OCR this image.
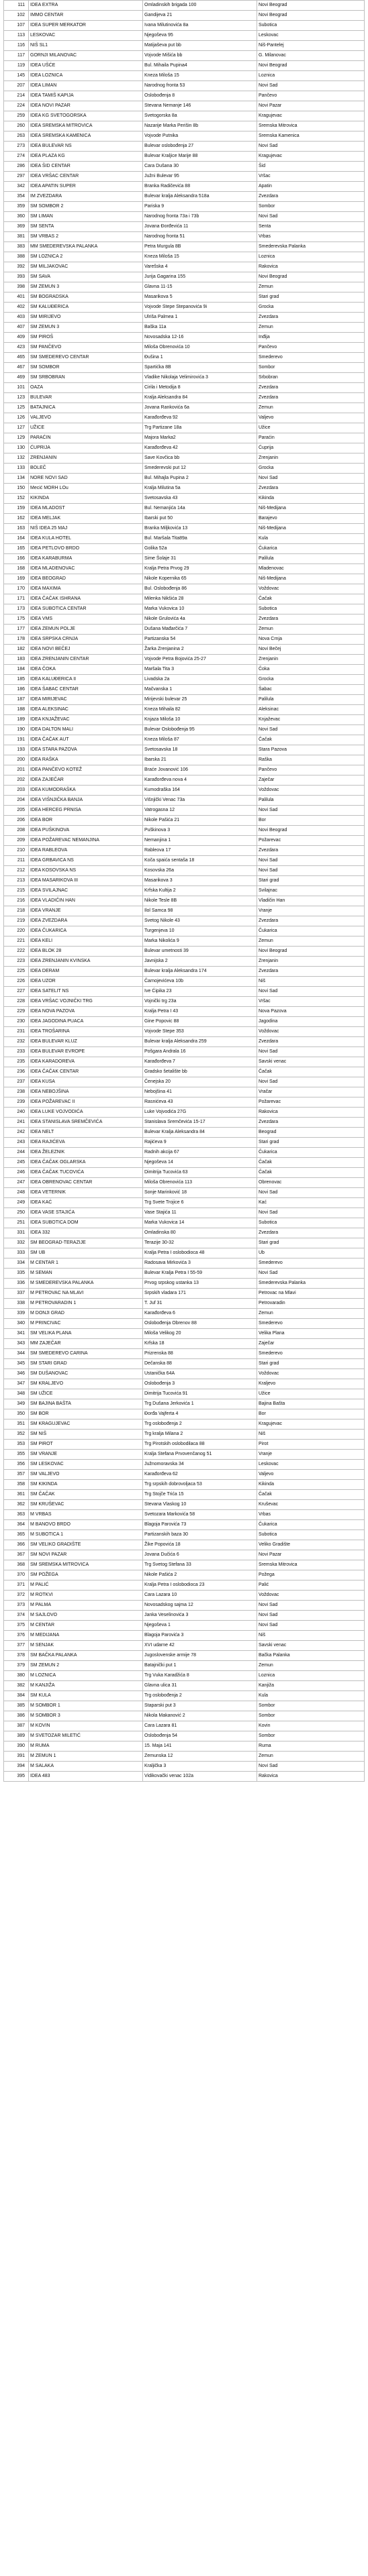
111	IDEA EXTRA	Omladinskih brigada 100	Novi Beograd
102	IMMO CENTAR	Gandijeva 21	Novi Beograd
107	IDEA SUPER MERKATOR	Ivana Milutinovića 8a	Subotica
113	LESKOVAC	Njegoševa 95	Leskovac
116	NIŠ SL1	Matijaševa put bb	Niš-Pantelej
117	GORNJI MILANOVAC	Vojvode Mišića bb	G. Milanovac
119	IDEA UŠĆE	Bul. Mihaila Pupina4	Novi Beograd
145	IDEA LOZNICA	Kneza Miloša 15	Loznica
207	IDEA LIMAN	Narodnog fronta 53	Novi Sad
214	IDEA TAMIŠ KAPIJA	Oslobođenja 8	Pančevo
224	IDEA NOVI PAZAR	Stevana Nemanje 146	Novi Pazar
259	IDEA KG SVETOGORSKA	Svetogorska 8a	Kragujevac
260	IDEA SREMSKA MITROVICA	Nazarije Marka Perišin 8b	Sremska Mitrovica
263	IDEA SREMSKA KAMENICA	Vojvode Putnika	Sremska Kamenica
273	IDEA BULEVAR NS	Bulevar oslobođenja 27	Novi Sad
274	IDEA PLAZA KG	Bulevar Kraljice Marije 88	Kragujevac
286	IDEA ŠID CENTAR	Cara Dušana 30	Šid
297	IDEA VRŠAC CENTAR	Južni Bulevar 95	Vršac
342	IDEA APATIN SUPER	Branka Radičevića 88	Apatin
354	IM ZVEZDARA	Bulevar kralja Aleksandra 518a	Zvezdara
359	SM SOMBOR 2	Pariska 9	Sombor
360	SM LIMAN	Narodnog fronta 73a i 73b	Novi Sad
369	SM SENTA	Jovana Đorđevića 11	Senta
381	SM VRBAS 2	Narodnog fronta 51	Vrbas
383	MM SMEDEREVSKA PALANKA	Petra Murgula 8B	Smederevska Palanka
388	SM LOZNICA 2	Kneza Miloša 15	Loznica
392	SM MILJAKOVAC	Varešska 4	Rakovica
393	SM SAVA	Jurija Gagarina 155	Novi Beograd
398	SM ZEMUN 3	Glavna 11-15	Zemun
401	SM BOGRADSKA	Masarikova 5	Stari grad
402	SM KALUĐERICA	Vojvode Stepe Stepanovića 9i	Grocka
403	SM MIRIJEVO	Ulriša Palmea 1	Zvezdara
407	SM ZEMUN 3	Baška 11a	Zemun
409	SM PIROŠ	Novosadska 12-16	Inđija
423	SM PANČEVO	Miloša Obrenovića 10	Pančevo
465	SM SMEDEREVO CENTAR	Đušina 1	Smederevo
467	SM SOMBOR	Spartićka 8B	Sombor
469	SM SRBOBRAN	Vladike Nikolaja Velimirovića 3	Srbobran
101	OAZA	Cirila i Metodija 8	Zvezdara
123	BULEVAR	Kralja Aleksandra 84	Zvezdara
125	BATAJNICA	Jovana Rankovića 6a	Zemun
126	VALJEVO	Karađorđeva 92	Valjevo
127	UŽICE	Trg Partizane 18a	Užice
129	PARAĆIN	Majora Marka2	Paraćin
130	ĆUPRIJA	Karađorđeva 42	Ćuprija
132	ZRENJANIN	Save Kovčica bb	Zrenjanin
133	BOLEČ	Smederevski put 12	Grocka
134	NORE NOVI SAD	Bul. Mihajla Pupina 2	Novi Sad
150	Mecić MORH LOu	Kralja Milutina 5a	Zvezdara
152	KIKINDA	Svetosavska 43	Kikinda
159	IDEA MLADOST	Bul. Nemanjića 14a	Niš-Medijana
162	IDEA MELJAK	Ibarski put 50	Barajevo
163	NIŠ IDEA 25 MAJ	Branka Miljkovića 13	Niš-Medijana
164	IDEA KULA HOTEL	Bul. Maršala Tita89a	Kula
165	IDEA PETLOVO BRDO	Golika 52a	Čukarica
166	IDEA KARABURMA	Sime Šolaje 31	Palilula
168	IDEA MLADENOVAC	Kralja Petra Prvog 29	Mladenovac
169	IDEA BEOGRAD	Nikole Kopernika 65	Niš-Medijana
170	IDEA MAXIMA	Bul. Oslobođenja 86	Voždovac
171	IDEA ČAČAK ISHRANA	Milenka Nikšića 28	Čačak
173	IDEA SUBOTICA CENTAR	Marka Vukovica 10	Subotica
175	IDEA VMS	Nikole Grulovića 4a	Zvezdara
177	IDEA ZEMUN POLJE	Dušana Mađarčića 7	Zemun
178	IDEA SRPSKA CRNJA	Partizanska 54	Nova Crnja
182	IDEA NOVI BEČEJ	Žarka Zrenjanina 2	Novi Bečej
183	IDEA ZRENJANIN CENTAR	Vojvode Petra Bojovića 25-27	Zrenjanin
184	IDEA ČOKA	Maršala Tita 3	Čoka
185	IDEA KALUĐERICA II	Livadska 2a	Grocka
186	IDEA ŠABAC CENTAR	Mačvanska 1	Šabac
187	IDEA MIRIJEVAC	Mirijevski bulevar 25	Palilula
188	IDEA ALEKSINAC	Kneza Mihaila 82	Aleksinac
189	IDEA KNJAŽEVAC	Knjaza Miloša 10	Knjaževac
190	IDEA DALTON MALI	Bulevar Oslobođenja 95	Novi Sad
191	IDEA ČAČAK AUT	Kneza Miloša 87	Čačak
193	IDEA STARA PAZOVA	Svetosavska 18	Stara Pazova
200	IDEA RAŠKA	Ibarska 21	Raška
201	IDEA PANČEVO KOTEŽ	Braće Jovanović 106	Pančevo
202	IDEA ZAJEČAR	Karađorđeva nova 4	Zaječar
203	IDEA KUMODRAŠKA	Kumodraška 164	Voždovac
204	IDEA VIŠNJIČKA BANJA	Višnjički Venac 73a	Palilula
205	IDEA HERCEG PRNISA	Vatrogasna 12	Novi Sad
206	IDEA BOR	Nikole Pašića 21	Bor
208	IDEA PUŠKINOVA	Puškinova 3	Novi Beograd
209	IDEA POŽAREVAC NEMANJINA	Nemanjina 1	Požarevac
210	IDEA RABLEOVA	Rableova 17	Zvezdara
211	IDEA GRBAVICA NS	Koča spaića sentaša 18	Novi Sad
212	IDEA KOSOVSKA NS	Kosovska 26a	Novi Sad
213	IDEA MASARIKOVA III	Masarikova 3	Stari grad
215	IDEA SVILAJNAC	Krfska Kultija 2	Svilajnac
216	IDEA VLADIČIN HAN	Nikole Tesle 8B	Vladičin Han
218	IDEA VRANJE	Ilol Samca 98	Vranje
219	IDEA ZVEZDARA	Svetog Nikole 43	Zvezdara
220	IDEA ČUKARICA	Turgenjeva 10	Čukarica
221	IDEA KELI	Marka Nikolića 9	Zemun
222	IDEA BLOK 28	Bulevar umetnosti 39	Novi Beograd
223	IDEA ZRENJANIN KVINSKA	Javnijska 2	Zrenjanin
225	IDEA DERAM	Bulevar kralja Aleksandra 174	Zvezdara
226	IDEA UZOR	Čarnojevićeva 10b	Niš
227	IDEA SATELIT NS	Ive Ćipika 23	Novi Sad
228	IDEA VRŠAC VOJNIČKI TRG	Vojnički trg 23a	Vršac
229	IDEA NOVA PAZOVA	Kralja Petra I 43	Nova Pazova
230	IDEA JAGODINA PUACA	Gine Popovic 88	Jagodina
231	IDEA TROŠARINA	Vojvode Stepe 353	Voždovac
232	IDEA BULEVAR KLUZ	Bulevar kralja Aleksandra 259	Zvezdara
233	IDEA BULEVAR EVROPE	Pošgara Andrala 16	Novi Sad
235	IDEA KARADOREVA	Karađorđeva 7	Savski venac
236	IDEA ČAČAK CENTAR	Gradsko šetalište bb	Čačak
237	IDEA KUSA	Čenejska 20	Novi Sad
238	IDEA NEBOJŠINA	Nebojšina 41	Vračar
239	IDEA POŽAREVAC II	Rasnićeva 43	Požarevac
240	IDEA LUKE VOJVODIĆA	Luke Vojvodića 27G	Rakovica
241	IDEA STANISLAVA SREMČEVIĆA	Stanislava Sremčevića 15-17	Zvezdara
242	IDEA NELT	Bulevar Kralja Aleksandra 84	Beograd
243	IDEA RAJIĆEVA	Rajićeva 9	Stari grad
244	IDEA ŽELEZNIK	Radnih akcija 67	Čukarica
245	IDEA ČAČAK OGLARSKA	Njegoševa 14	Čačak
246	IDEA ČAČAK TUCOVIĆA	Dimitrija Tucovića 63	Čačak
247	IDEA OBRENOVAC CENTAR	Miloša Obrenovića 113	Obrenovac
248	IDEA VETERNIK	Sonje Marinković 18	Novi Sad
249	IDEA KAĆ	Trg Svete Trojice 6	Kać
250	IDEA VASE STAJIĆA	Vase Stajića 11	Novi Sad
251	IDEA SUBOTICA DOM	Marka Vukovica 14	Subotica
331	IDEA 332	Omladinska 80	Zvezdara
332	SM BEOGRAD-TERAZIJE	Terazije 30-32	Stari grad
333	SM UB	Kralja Petra I oslobodioca 48	Ub
334	M CENTAR 1	Radosava Mirkovića 3	Smederevo
335	M SEMAN	Bulevar Kralja Petra I 55-59	Novi Sad
336	M SMEDEREVSKA PALANKA	Prvog srpskog ustanka 13	Smederevska Palanka
337	M PETROVAC NA MLAVI	Srpskih vladara 171	Petrovac na Mlavi
338	M PETROVARADIN 1	T. Juf 31	Petrovaradin
339	M DONJI GRAD	Karađorđeva 6	Zemun
340	M PRINCIVAC	Oslobođenja Obrenov 88	Smederevo
341	SM VELIKA PLANA	Miloša Velikog 20	Velika Plana
343	MM ZAJEČAR	Krfska 18	Zaječar
344	SM SMEDEREVO CARINA	Prizrenska 88	Smederevo
345	SM STARI GRAD	Dečanska 88	Stari grad
346	SM DUŠANOVAC	Ustanička 64A	Voždovac
347	SM KRALJEVO	Oslobođenja 3	Kraljevo
348	SM UŽICE	Dimitrija Tucovića 91	Užice
349	SM BAJINA BAŠTA	Trg Dušana Jerkovića 1	Bajina Bašta
350	SM BOR	Đorđa Vajferta 4	Bor
351	SM KRAGUJEVAC	Trg oslobođenja 2	Kragujevac
352	SM NIŠ	Trg kralja Milana 2	Niš
353	SM PIROT	Trg Pirotskih oslobodilaca 88	Pirot
355	SM VRANJE	Kralja Stefana Prvovenčanog 51	Vranje
356	SM LESKOVAC	Južnomoravska 34	Leskovac
357	SM VALJEVO	Karađorđeva 62	Valjevo
358	SM KIKINDA	Trg srpskih dobrovoljaca 53	Kikinda
361	SM ČAČAK	Trg Stojče Trića 15	Čačak
362	SM KRUŠEVAC	Stevana Vlaskog 10	Kruševac
363	M VRBAS	Svetozara Markovića 58	Vrbas
364	M BANOVO BRDO	Blagoja Parovića 73	Čukarica
365	M SUBOTICA 1	Partizanskih baza 30	Subotica
366	SM VELIKO GRADIŠTE	Žike Popovića 18	Veliko Gradište
367	SM NOVI PAZAR	Jovana Dučića 6	Novi Pazar
368	SM SREMSKA MITROVICA	Trg Svetog Stefana 33	Sremska Mitrovica
370	SM POŽEGA	Nikole Pašića 2	Požega
371	M PALIĆ	Kralja Petra I oslobodioca 23	Palić
372	M ROTKVI	Cara Lazara 10	Voždovac
373	M PALMA	Novosadskog sajma 12	Novi Sad
374	M SAJLOVO	Janka Veselinovića 3	Novi Sad
375	M CENTAR	Njegoševa 1	Novi Sad
376	M MEDIJANA	Blagoja Parovića 3	Niš
377	M SENJAK	XVI udarne 42	Savski venac
378	SM BAČKA PALANKA	Jugoslovenske armije 78	Bačka Palanka
379	SM ZEMUN 2	Batajnički put 1	Zemun
380	M LOZNICA	Trg Vuka Karadžića 8	Loznica
382	M KANJIŽA	Glavna ulica 31	Kanjiža
384	SM KULA	Trg oslobođenja 2	Kula
385	M SOMBOR 1	Staparski put 3	Sombor
386	M SOMBOR 3	Nikola Makanović 2	Sombor
387	M KOVIN	Cara Lazara 81	Kovin
389	M SVETOZAR MILETIĆ	Oslobođenja 54	Sombor
390	M RUMA	15. Maja 141	Ruma
391	M ZEMUN 1	Zemunska 12	Zemun
394	M SALAKA	Kraljička 3	Novi Sad
395	IDEA 483	Vidikovački venac 102a	Rakovica
